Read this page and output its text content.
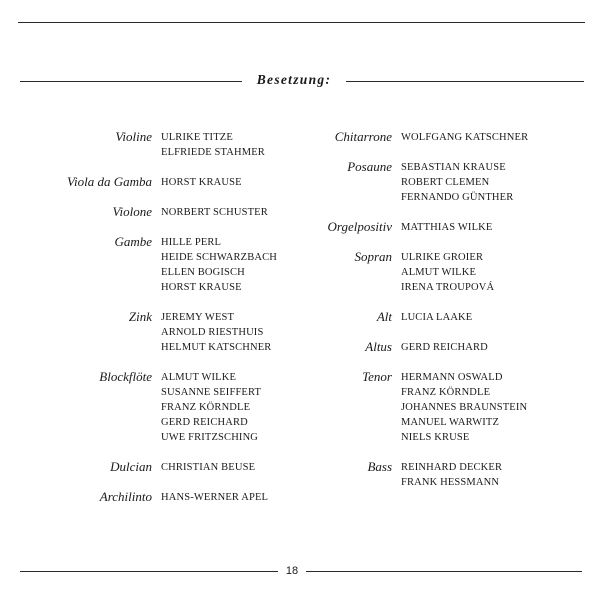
Besetzung:
Violine ULRIKE TITZE
ELFRIEDE STAHMER
Viola da Gamba HORST KRAUSE
Violone NORBERT SCHUSTER
Gambe HILLE PERL
HEIDE SCHWARZBACH
ELLEN BOGISCH
HORST KRAUSE
Zink JEREMY WEST
ARNOLD RIESTHUIS
HELMUT KATSCHNER
Blockflöte ALMUT WILKE
SUSANNE SEIFFERT
FRANZ KÖRNDLE
GERD REICHARD
UWE FRITZSCHING
Dulcian CHRISTIAN BEUSE
Archilinto HANS-WERNER APEL
Chitarrone WOLFGANG KATSCHNER
Posaune SEBASTIAN KRAUSE
ROBERT CLEMEN
FERNANDO GÜNTHER
Orgelpositiv MATTHIAS WILKE
Sopran ULRIKE GROIER
ALMUT WILKE
IRENA TROUPOVÁ
Alt LUCIA LAAKE
Altus GERD REICHARD
Tenor HERMANN OSWALD
FRANZ KÖRNDLE
JOHANNES BRAUNSTEIN
MANUEL WARWITZ
NIELS KRUSE
Bass REINHARD DECKER
FRANK HESSMANN
18
